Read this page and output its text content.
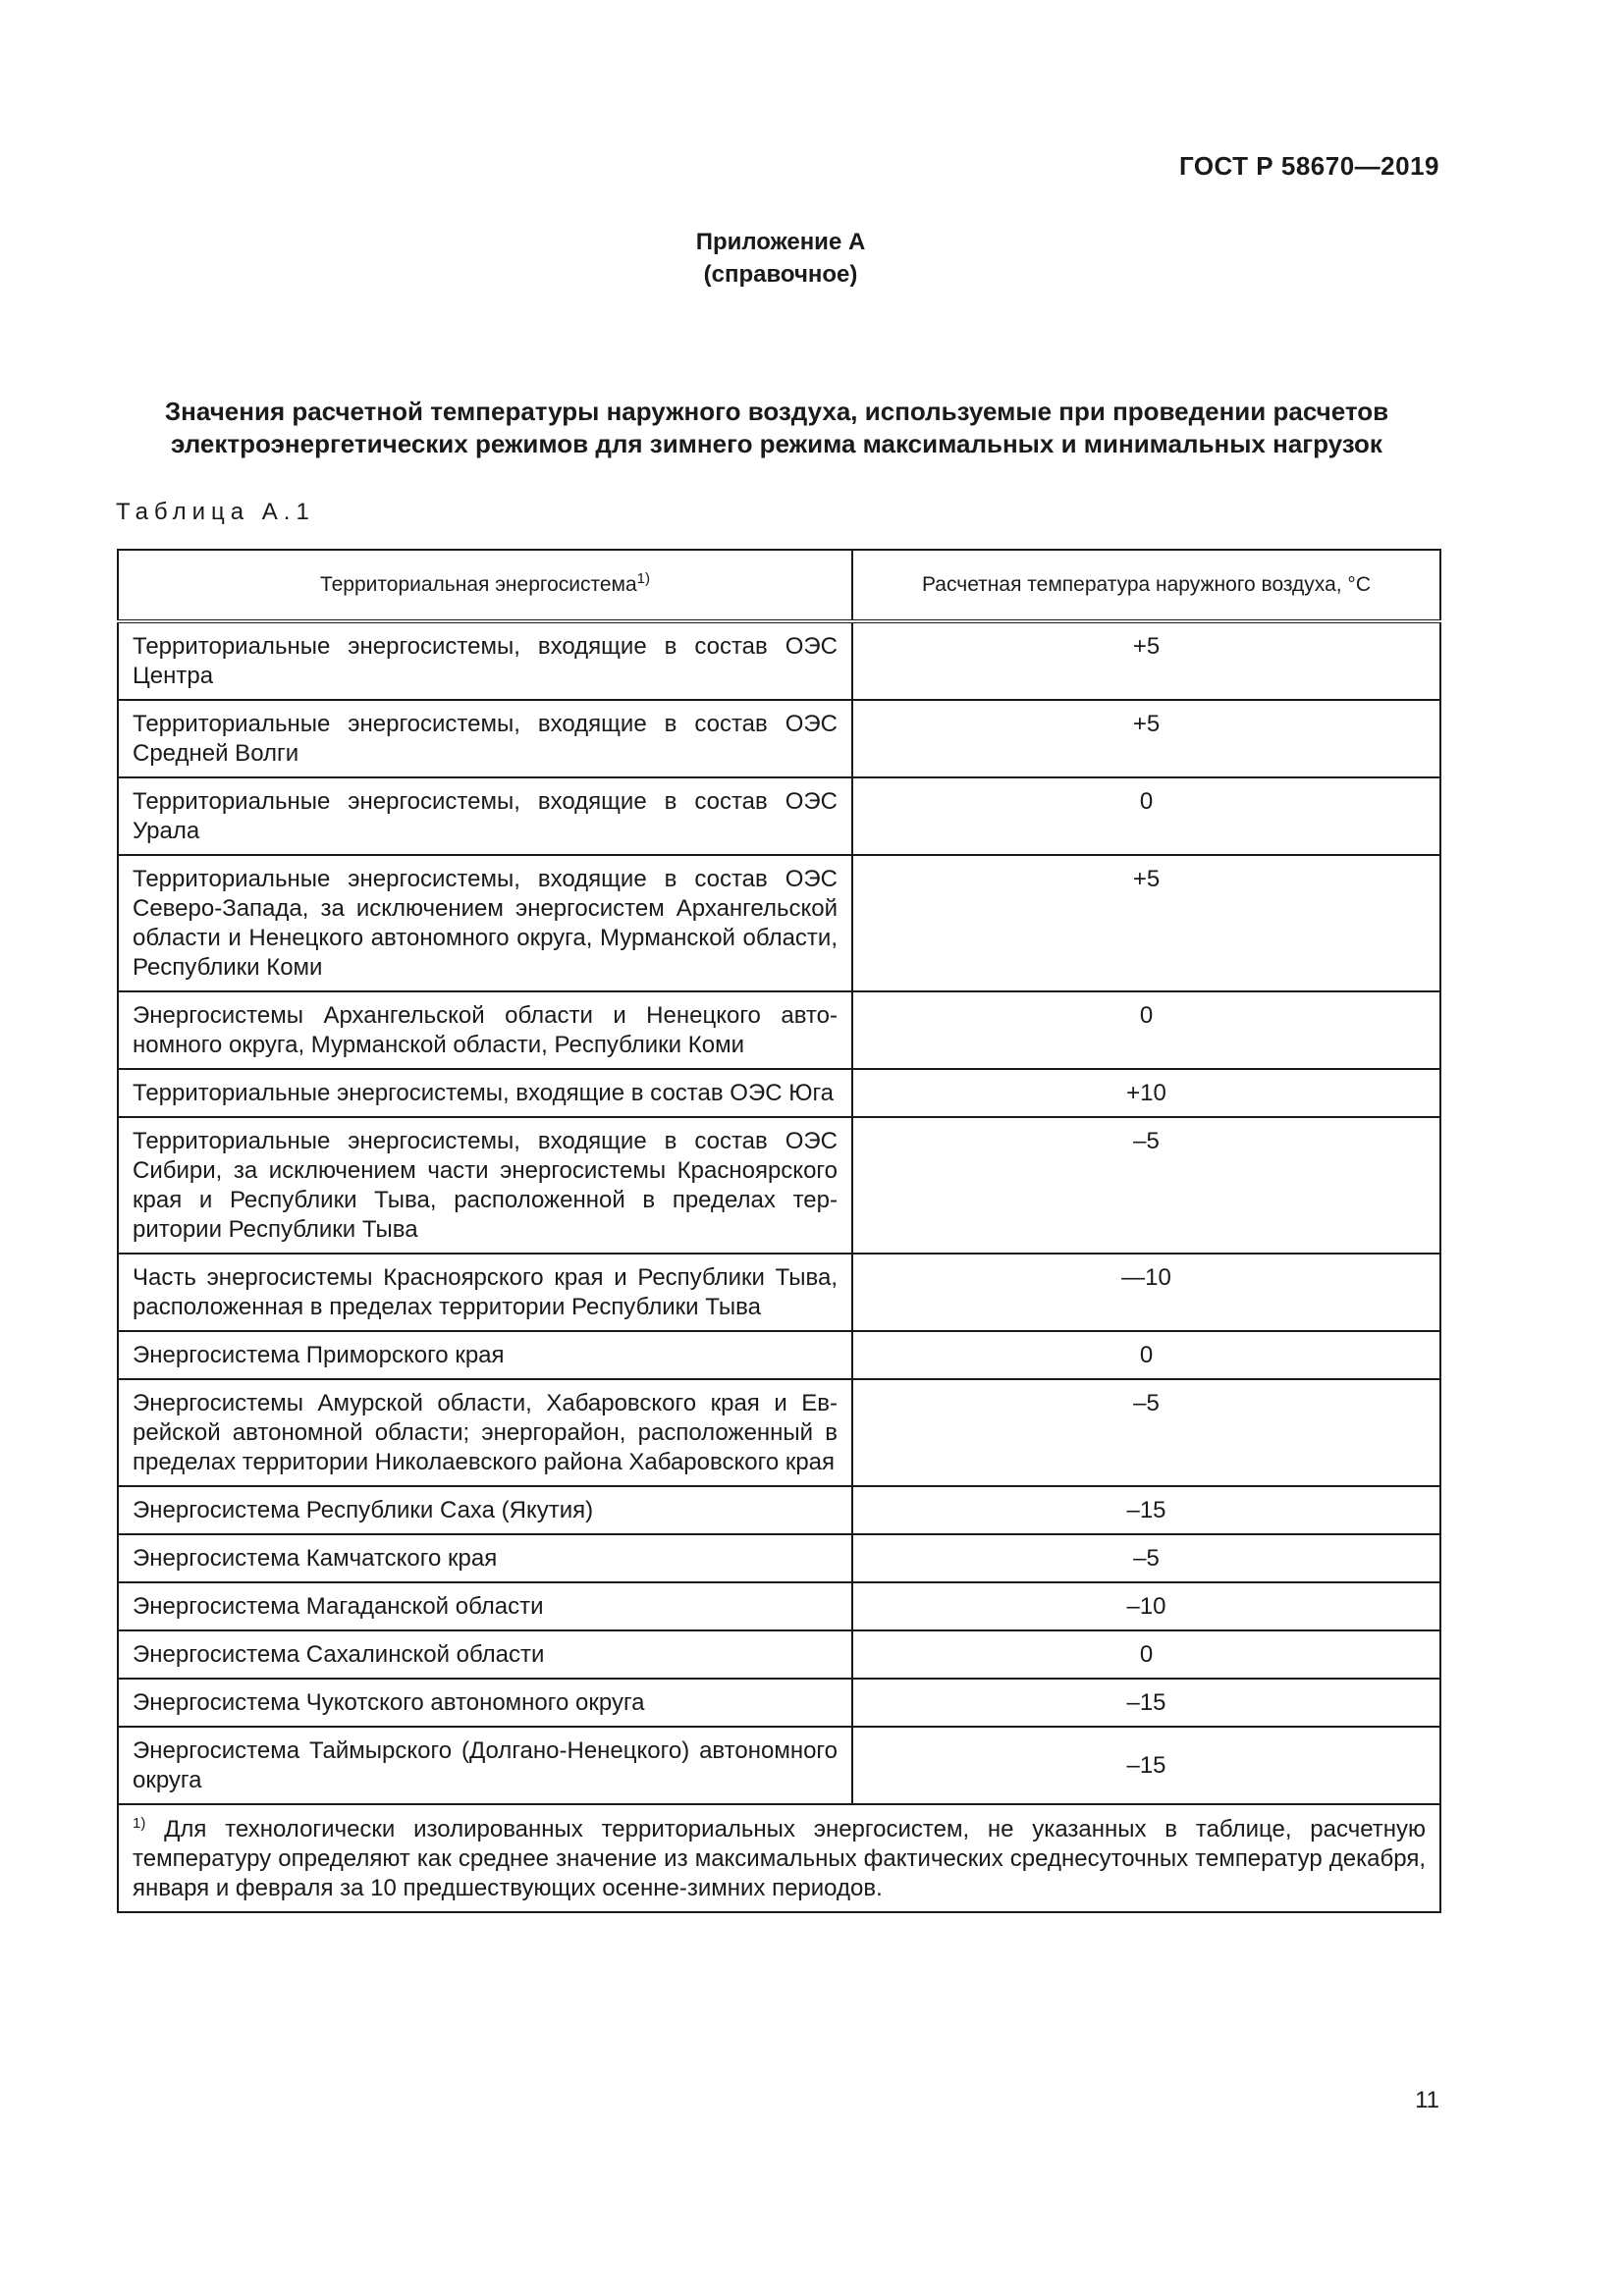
ГОСТ Р 58670—2019
Приложение А
(справочное)
Значения расчетной температуры наружного воздуха, используемые при проведении расчетов электроэнергетических режимов для зимнего режима максимальных и минимальных нагрузок
Таблица А.1
Территориальная энергосистема$^{1)}$	Расчетная температура наружного воздуха, °С
Территориальные энергосистемы, входящие в состав ОЭС Центра	+5
Территориальные энергосистемы, входящие в состав ОЭС Средней Волги	+5
Территориальные энергосистемы, входящие в состав ОЭС Урала	0
Территориальные энергосистемы, входящие в состав ОЭС Северо-Запада, за исключением энергосистем Архангельской области и Ненецкого автономного округа, Мурманской области, Республики Коми	+5
Энергосистемы Архангельской области и Ненецкого автономного округа, Мурманской области, Республики Коми	0
Территориальные энергосистемы, входящие в состав ОЭС Юга	+10
Территориальные энергосистемы, входящие в состав ОЭС Сибири, за исключением части энергосистемы Красноярского края и Республики Тыва, расположенной в пределах территории Республики Тыва	–5
Часть энергосистемы Красноярского края и Республики Тыва, расположенная в пределах территории Республики Тыва	—10
Энергосистема Приморского края	0
Энергосистемы Амурской области, Хабаровского края и Еврейской автономной области; энергорайон, расположенный в пределах территории Николаевского района Хабаровского края	–5
Энергосистема Республики Саха (Якутия)	–15
Энергосистема Камчатского края	–5
Энергосистема Магаданской области	–10
Энергосистема Сахалинской области	0
Энергосистема Чукотского автономного округа	–15
Энергосистема Таймырского (Долгано-Ненецкого) автономного округа	–15
$^{1)}$ Для технологически изолированных территориальных энергосистем, не указанных в таблице, расчетную температуру определяют как среднее значение из максимальных фактических среднесуточных температур декабря, января и февраля за 10 предшествующих осенне-зимних периодов.	
11
